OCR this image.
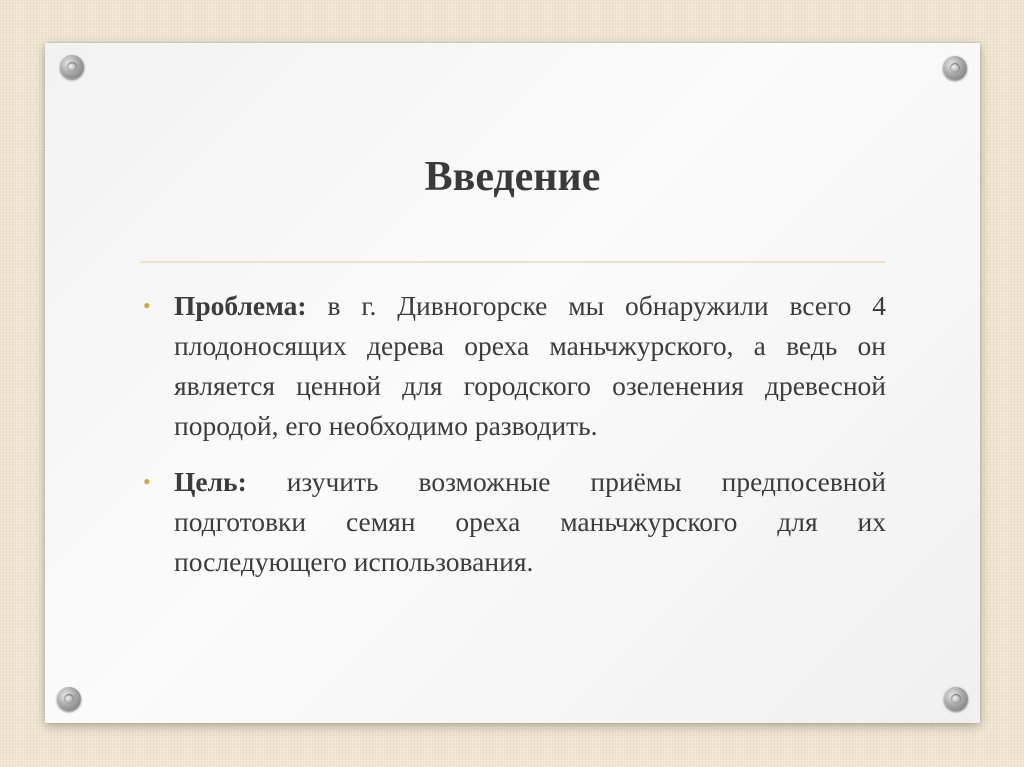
Введение
• Проблема: в г. Дивногорске мы обнаружили всего 4 плодоносящих дерева ореха маньчжурского, а ведь он является ценной для городского озеленения древесной породой, его необходимо разводить.
• Цель: изучить возможные приёмы предпосевной подготовки семян ореха маньчжурского для их последующего использования.
